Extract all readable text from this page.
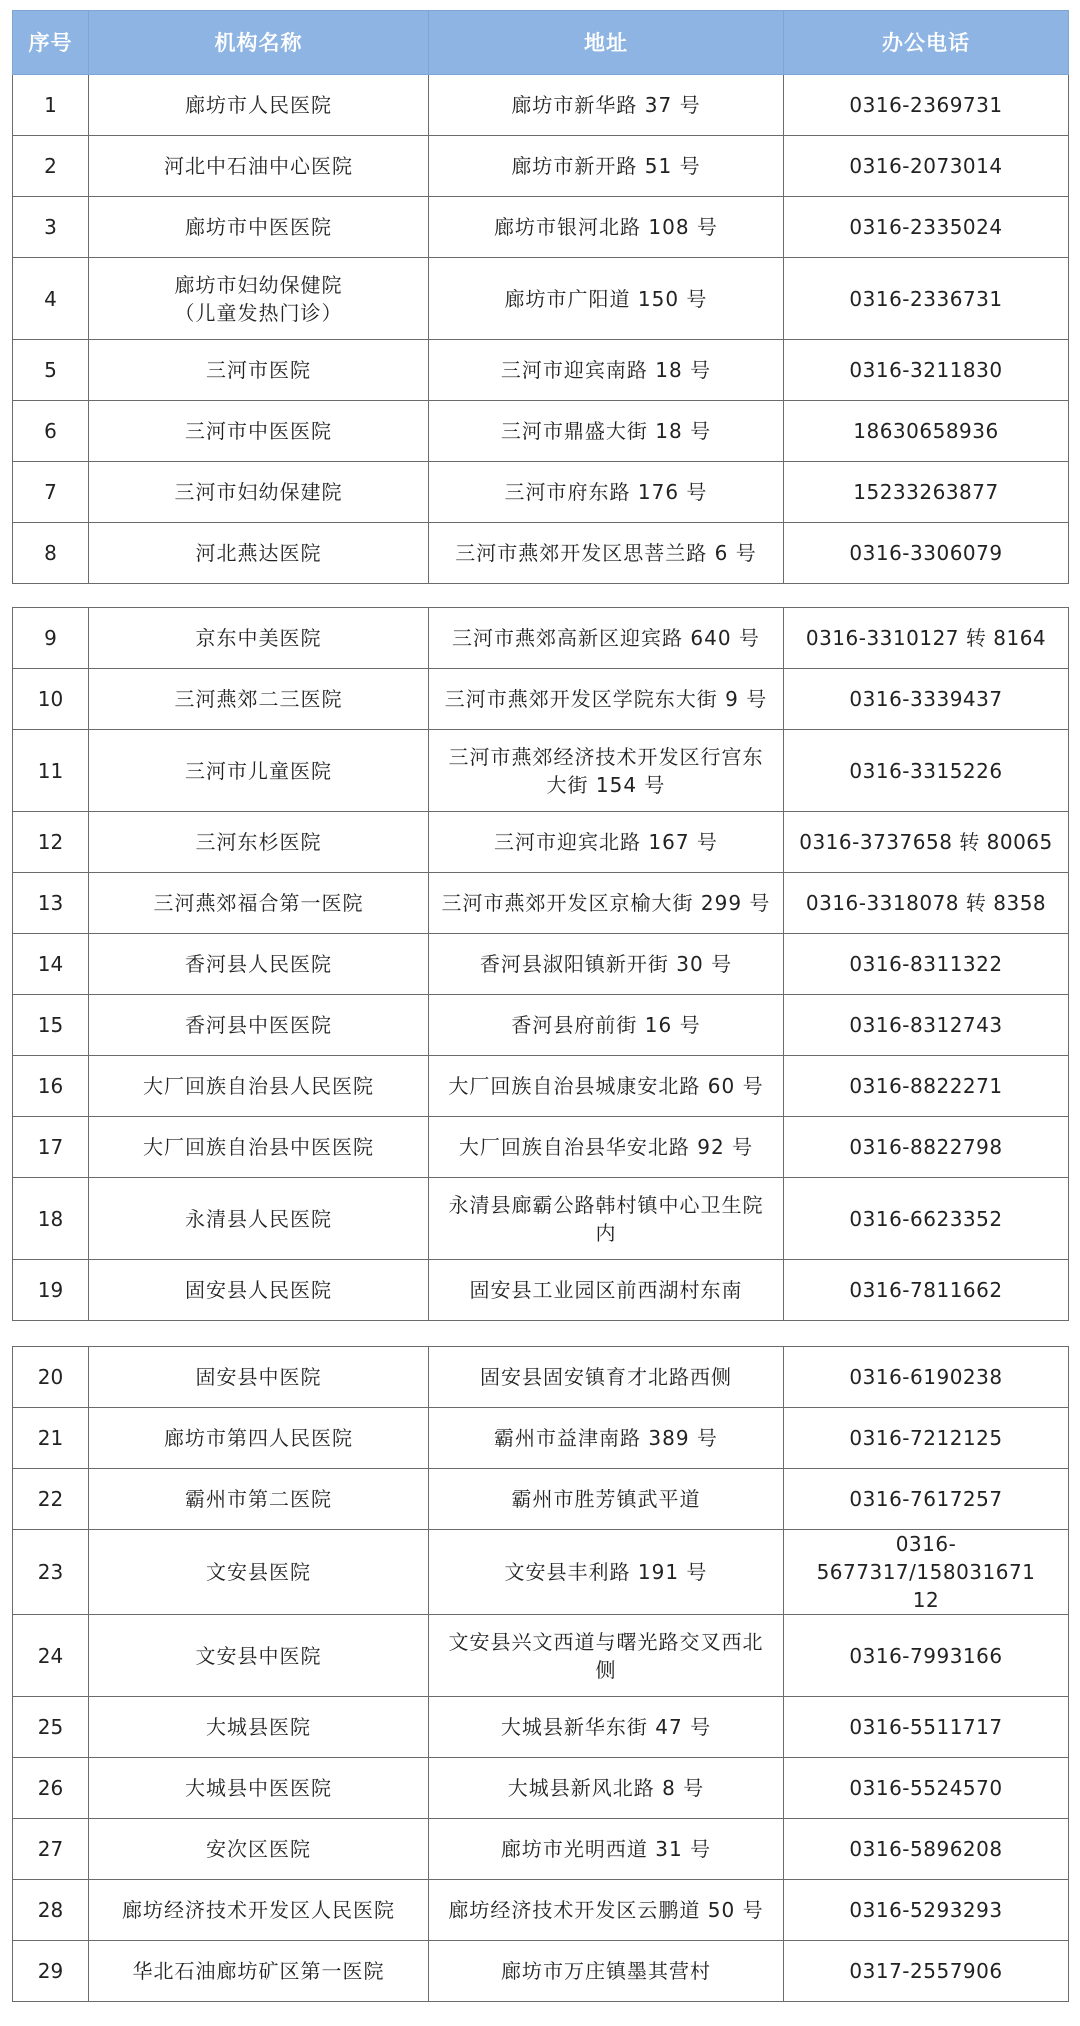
序号	机构名称	地址	办公电话
1	廊坊市人民医院	廊坊市新华路 37 号	0316-2369731
2	河北中石油中心医院	廊坊市新开路 51 号	0316-2073014
3	廊坊市中医医院	廊坊市银河北路 108 号	0316-2335024
4	廊坊市妇幼保健院
（儿童发热门诊）	廊坊市广阳道 150 号	0316-2336731
5	三河市医院	三河市迎宾南路 18 号	0316-3211830
6	三河市中医医院	三河市鼎盛大街 18 号	18630658936
7	三河市妇幼保建院	三河市府东路 176 号	15233263877
8	河北燕达医院	三河市燕郊开发区思菩兰路 6 号	0316-3306079
9	京东中美医院	三河市燕郊高新区迎宾路 640 号	0316-3310127 转 8164
10	三河燕郊二三医院	三河市燕郊开发区学院东大街 9 号	0316-3339437
11	三河市儿童医院	三河市燕郊经济技术开发区行宫东
大街 154 号	0316-3315226
12	三河东杉医院	三河市迎宾北路 167 号	0316-3737658 转 80065
13	三河燕郊福合第一医院	三河市燕郊开发区京榆大街 299 号	0316-3318078 转 8358
14	香河县人民医院	香河县淑阳镇新开街 30 号	0316-8311322
15	香河县中医医院	香河县府前街 16 号	0316-8312743
16	大厂回族自治县人民医院	大厂回族自治县城康安北路 60 号	0316-8822271
17	大厂回族自治县中医医院	大厂回族自治县华安北路 92 号	0316-8822798
18	永清县人民医院	永清县廊霸公路韩村镇中心卫生院
内	0316-6623352
19	固安县人民医院	固安县工业园区前西湖村东南	0316-7811662
20	固安县中医院	固安县固安镇育才北路西侧	0316-6190238
21	廊坊市第四人民医院	霸州市益津南路 389 号	0316-7212125
22	霸州市第二医院	霸州市胜芳镇武平道	0316-7617257
23	文安县医院	文安县丰利路 191 号	0316-5677317/158031671
12
24	文安县中医院	文安县兴文西道与曙光路交叉西北
侧	0316-7993166
25	大城县医院	大城县新华东街 47 号	0316-5511717
26	大城县中医医院	大城县新风北路 8 号	0316-5524570
27	安次区医院	廊坊市光明西道 31 号	0316-5896208
28	廊坊经济技术开发区人民医院	廊坊经济技术开发区云鹏道 50 号	0316-5293293
29	华北石油廊坊矿区第一医院	廊坊市万庄镇墨其营村	0317-2557906
